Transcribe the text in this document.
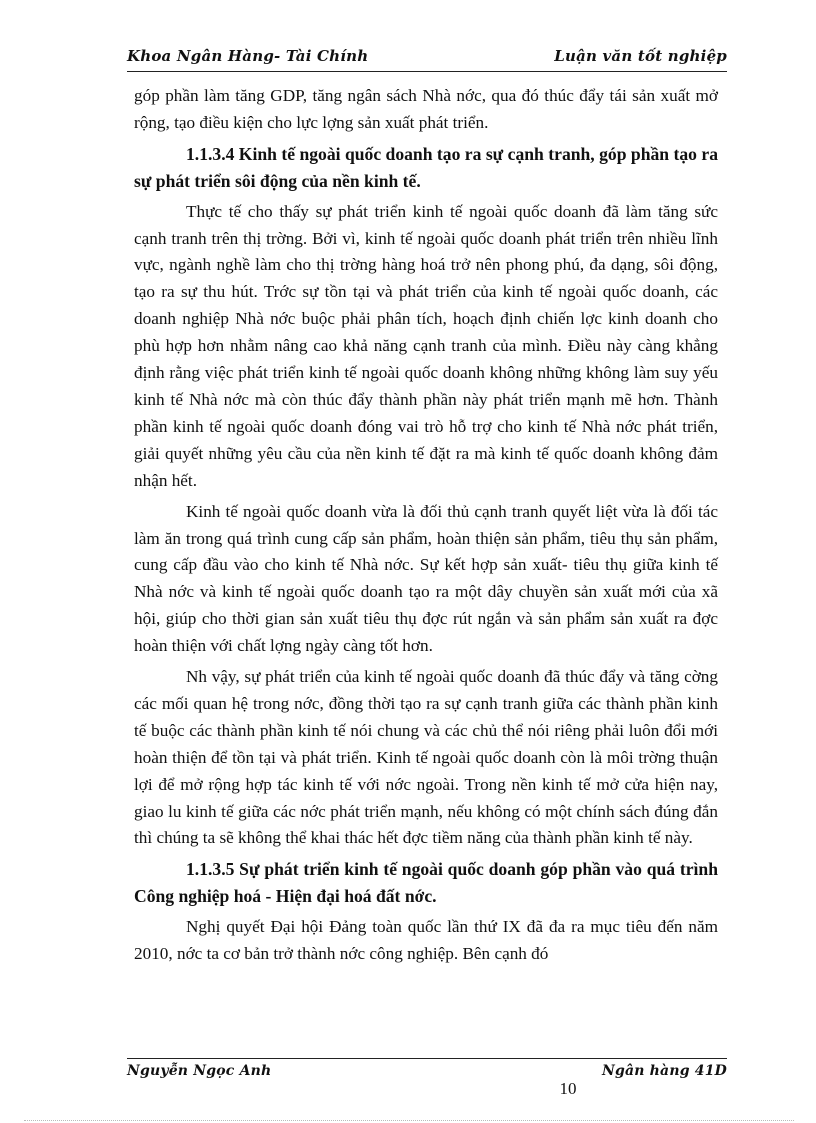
Khoa Ngân Hàng- Tài Chính	Luận văn tốt nghiệp

góp phần làm tăng GDP, tăng ngân sách Nhà nớc, qua đó thúc đẩy tái sản xuất mở rộng, tạo điều kiện cho lực lợng sản xuất phát triển.

1.1.3.4 Kinh tế ngoài quốc doanh tạo ra sự cạnh tranh, góp phần tạo ra sự phát triển sôi động của nền kinh tế.

Thực tế cho thấy sự phát triển kinh tế ngoài quốc doanh đã làm tăng sức cạnh tranh trên thị trờng. Bởi vì, kinh tế ngoài quốc doanh phát triển trên nhiều lĩnh vực, ngành nghề làm cho thị trờng hàng hoá trở nên phong phú, đa dạng, sôi động, tạo ra sự thu hút. Trớc sự tồn tại và phát triển của kinh tế ngoài quốc doanh, các doanh nghiệp Nhà nớc buộc phải phân tích, hoạch định chiến lợc kinh doanh cho phù hợp hơn nhằm nâng cao khả năng cạnh tranh của mình. Điều này càng khẳng định rằng việc phát triển kinh tế ngoài quốc doanh không những không làm suy yếu kinh tế Nhà nớc mà còn thúc đẩy thành phần này phát triển mạnh mẽ hơn. Thành phần kinh tế ngoài quốc doanh đóng vai trò hỗ trợ cho kinh tế Nhà nớc phát triển, giải quyết những yêu cầu của nền kinh tế đặt ra mà kinh tế quốc doanh không đảm nhận hết.

Kinh tế ngoài quốc doanh vừa là đối thủ cạnh tranh quyết liệt vừa là đối tác làm ăn trong quá trình cung cấp sản phẩm, hoàn thiện sản phẩm, tiêu thụ sản phẩm, cung cấp đầu vào cho kinh tế Nhà nớc. Sự kết hợp sản xuất- tiêu thụ giữa kinh tế Nhà nớc và kinh tế ngoài quốc doanh tạo ra một dây chuyền sản xuất mới của xã hội, giúp cho thời gian sản xuất tiêu thụ đợc rút ngắn và sản phẩm sản xuất ra đợc hoàn thiện với chất lợng ngày càng tốt hơn.

Nh vậy, sự phát triển của kinh tế ngoài quốc doanh đã thúc đẩy và tăng cờng các mối quan hệ trong nớc, đồng thời tạo ra sự cạnh tranh giữa các thành phần kinh tế buộc các thành phần kinh tế nói chung và các chủ thể nói riêng phải luôn đổi mới hoàn thiện để tồn tại và phát triển. Kinh tế ngoài quốc doanh còn là môi trờng thuận lợi để mở rộng hợp tác kinh tế với nớc ngoài. Trong nền kinh tế mở cửa hiện nay, giao lu kinh tế giữa các nớc phát triển mạnh, nếu không có một chính sách đúng đắn thì chúng ta sẽ không thể khai thác hết đợc tiềm năng của thành phần kinh tế này.

1.1.3.5 Sự phát triển kinh tế ngoài quốc doanh góp phần vào quá trình Công nghiệp hoá - Hiện đại hoá đất nớc.

Nghị quyết Đại hội Đảng toàn quốc lần thứ IX đã đa ra mục tiêu đến năm 2010, nớc ta cơ bản trở thành nớc công nghiệp. Bên cạnh đó

Nguyễn Ngọc Anh	Ngân hàng 41D
10
